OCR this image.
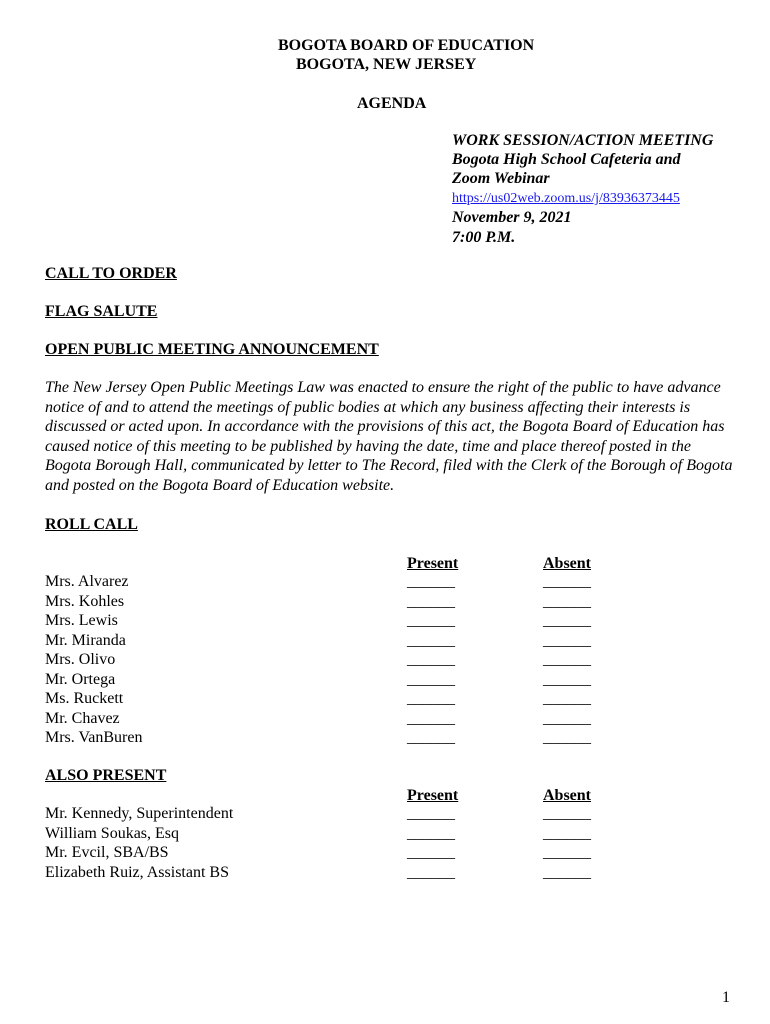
BOGOTA BOARD OF EDUCATION
BOGOTA, NEW JERSEY
AGENDA
WORK SESSION/ACTION MEETING
Bogota High School Cafeteria and
Zoom Webinar
https://us02web.zoom.us/j/83936373445
November 9, 2021
7:00 P.M.
CALL TO ORDER
FLAG SALUTE
OPEN PUBLIC MEETING ANNOUNCEMENT
The New Jersey Open Public Meetings Law was enacted to ensure the right of the public to have advance notice of and to attend the meetings of public bodies at which any business affecting their interests is discussed or acted upon. In accordance with the provisions of this act, the Bogota Board of Education has caused notice of this meeting to be published by having the date, time and place thereof posted in the Bogota Borough Hall, communicated by letter to The Record, filed with the Clerk of the Borough of Bogota and posted on the Bogota Board of Education website.
ROLL CALL
Present	Absent
Mrs. Alvarez
Mrs. Kohles
Mrs. Lewis
Mr. Miranda
Mrs. Olivo
Mr. Ortega
Ms. Ruckett
Mr. Chavez
Mrs. VanBuren
______
______
______
______
______
______
______
______
______
______
______
______
______
______
______
______
______
______
ALSO PRESENT
Present	Absent
Mr. Kennedy, Superintendent
William Soukas, Esq
Mr. Evcil, SBA/BS
Elizabeth Ruiz, Assistant BS
______
______
______
______
______
______
______
______
1
